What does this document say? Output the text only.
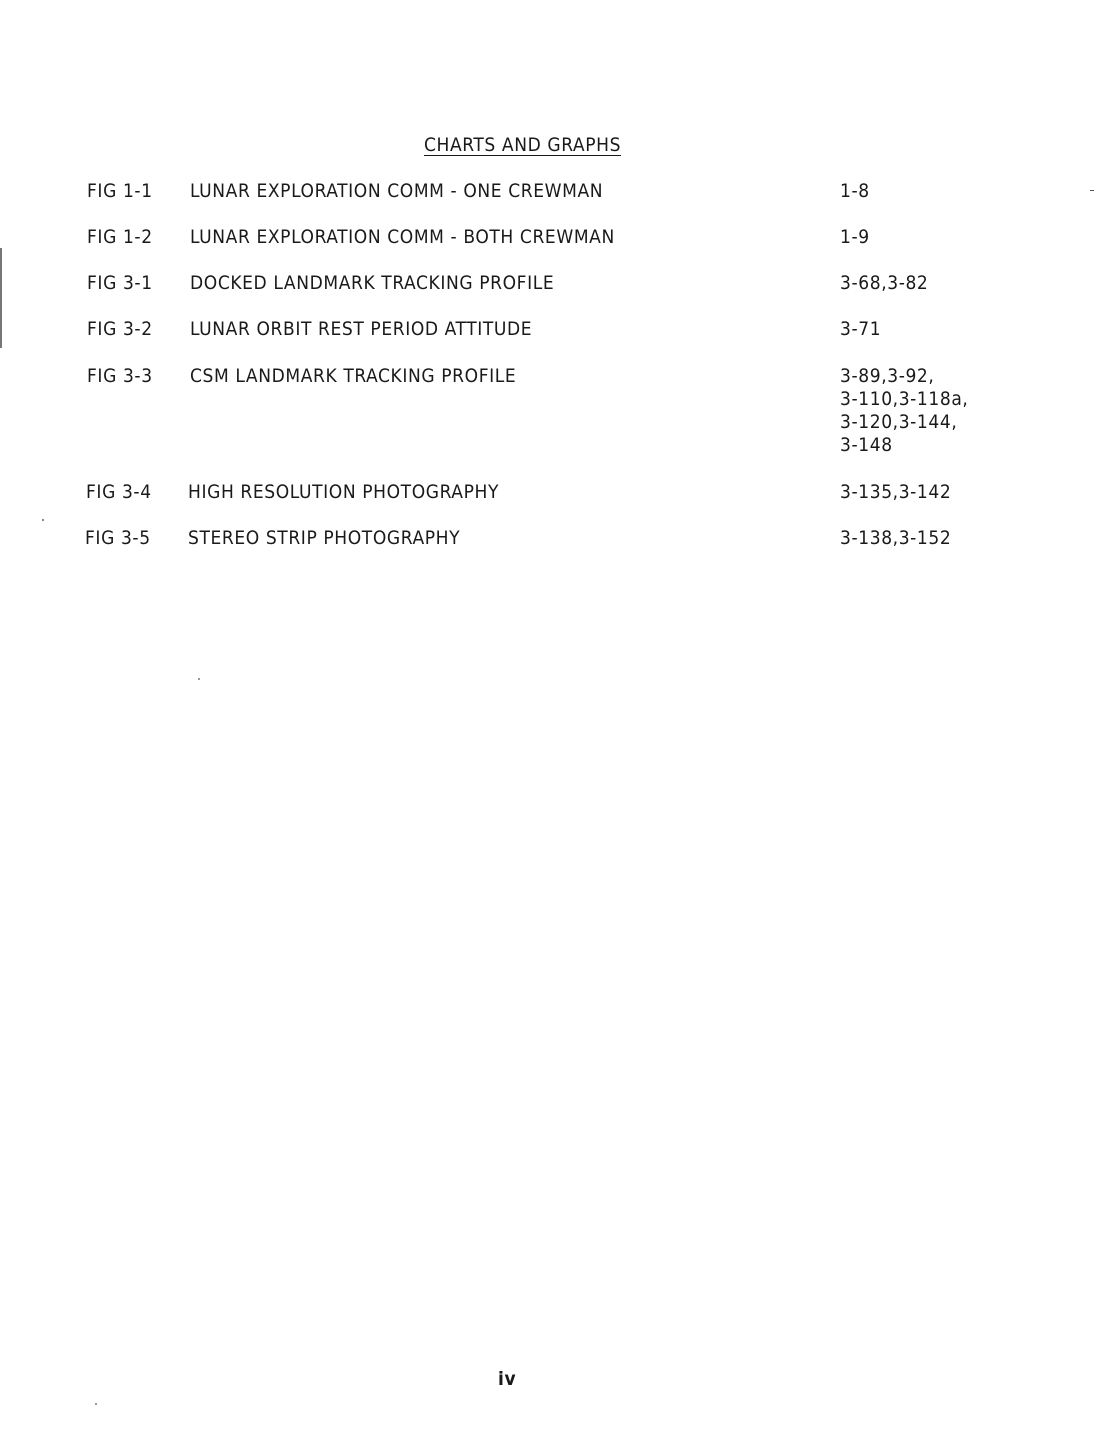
CHARTS AND GRAPHS
FIG 1-1 LUNAR EXPLORATION COMM - ONE CREWMAN	1-8
FIG 1-2 LUNAR EXPLORATION COMM - BOTH CREWMAN	1-9
FIG 3-1 DOCKED LANDMARK TRACKING PROFILE	3-68,3-82
FIG 3-2 LUNAR ORBIT REST PERIOD ATTITUDE	3-71
FIG 3-3 CSM LANDMARK TRACKING PROFILE	3-89,3-92,
3-110,3-118a,
3-120,3-144,
3-148
FIG 3-4 HIGH RESOLUTION PHOTOGRAPHY	3-135,3-142
FIG 3-5 STEREO STRIP PHOTOGRAPHY	3-138,3-152
iv
